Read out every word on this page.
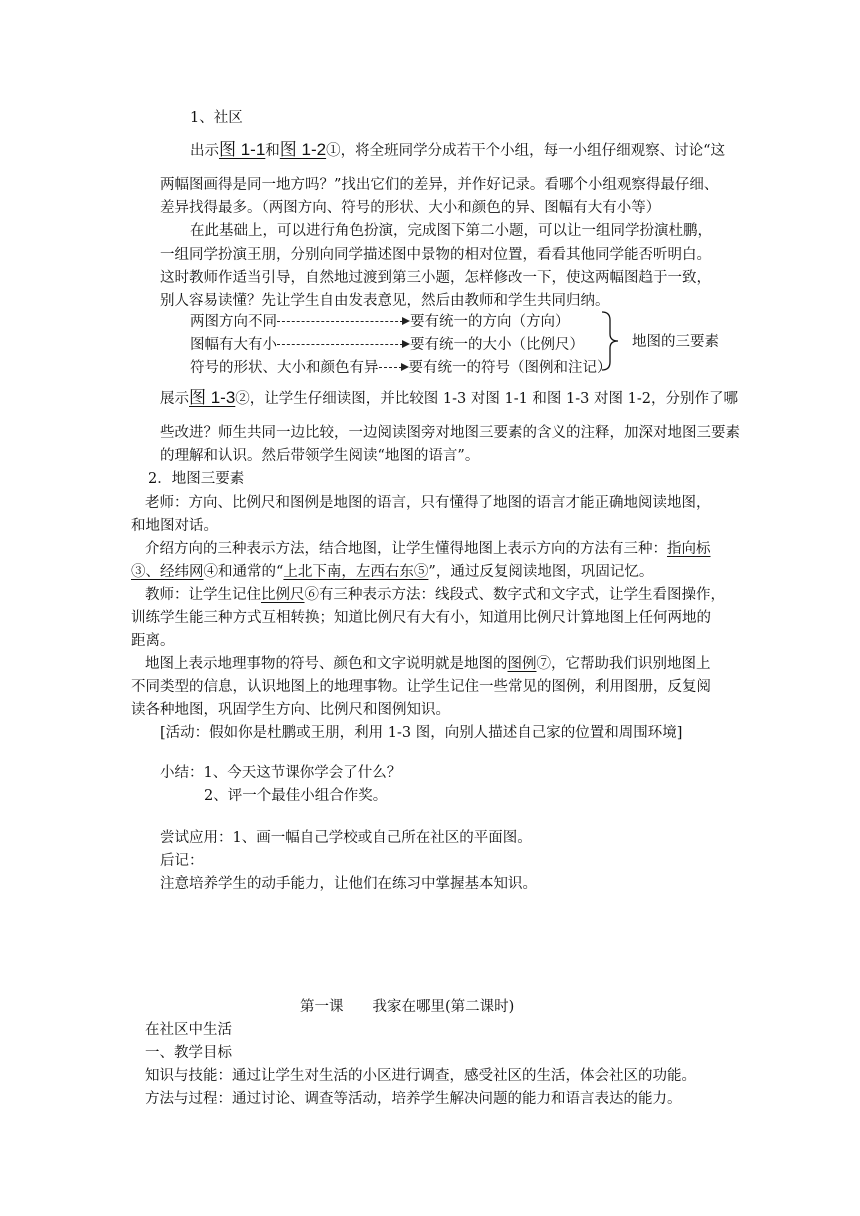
1、社区
出示图 1-1和图 1-2①，将全班同学分成若干个小组，每一小组仔细观察、讨论“这
两幅图画得是同一地方吗？”找出它们的差异，并作好记录。看哪个小组观察得最仔细、
差异找得最多。（两图方向、符号的形状、大小和颜色的异、图幅有大有小等）
在此基础上，可以进行角色扮演，完成图下第二小题，可以让一组同学扮演杜鹏，
一组同学扮演王朋，分别向同学描述图中景物的相对位置，看看其他同学能否听明白。
这时教师作适当引导，自然地过渡到第三小题，怎样修改一下，使这两幅图趋于一致，
别人容易读懂？先让学生自由发表意见，然后由教师和学生共同归纳。
两图方向不同	要有统一的方向（方向）
图幅有大有小	要有统一的大小（比例尺）
符号的形状、大小和颜色有异 要有统一的符号（图例和注记）
地图的三要素
展示图 1-3②，让学生仔细读图，并比较图 1-3 对图 1-1 和图 1-3 对图 1-2，分别作了哪
些改进？师生共同一边比较，一边阅读图旁对地图三要素的含义的注释，加深对地图三要素
的理解和认识。然后带领学生阅读“地图的语言”。
2．地图三要素
老师：方向、比例尺和图例是地图的语言，只有懂得了地图的语言才能正确地阅读地图，
和地图对话。
介绍方向的三种表示方法，结合地图，让学生懂得地图上表示方向的方法有三种：指向标
③、经纬网④和通常的“上北下南，左西右东⑤”，通过反复阅读地图，巩固记忆。
教师：让学生记住比例尺⑥有三种表示方法：线段式、数字式和文字式，让学生看图操作，
训练学生能三种方式互相转换；知道比例尺有大有小，知道用比例尺计算地图上任何两地的
距离。
地图上表示地理事物的符号、颜色和文字说明就是地图的图例⑦，它帮助我们识别地图上
不同类型的信息，认识地图上的地理事物。让学生记住一些常见的图例，利用图册，反复阅
读各种地图，巩固学生方向、比例尺和图例知识。
[活动：假如你是杜鹏或王朋，利用 1-3 图，向别人描述自己家的位置和周围环境]
小结：1、今天这节课你学会了什么？
2、评一个最佳小组合作奖。
尝试应用：1、画一幅自己学校或自己所在社区的平面图。
后记：
注意培养学生的动手能力，让他们在练习中掌握基本知识。
第一课　　我家在哪里(第二课时)
在社区中生活
一、教学目标
知识与技能：通过让学生对生活的小区进行调查，感受社区的生活，体会社区的功能。
方法与过程：通过讨论、调查等活动，培养学生解决问题的能力和语言表达的能力。
